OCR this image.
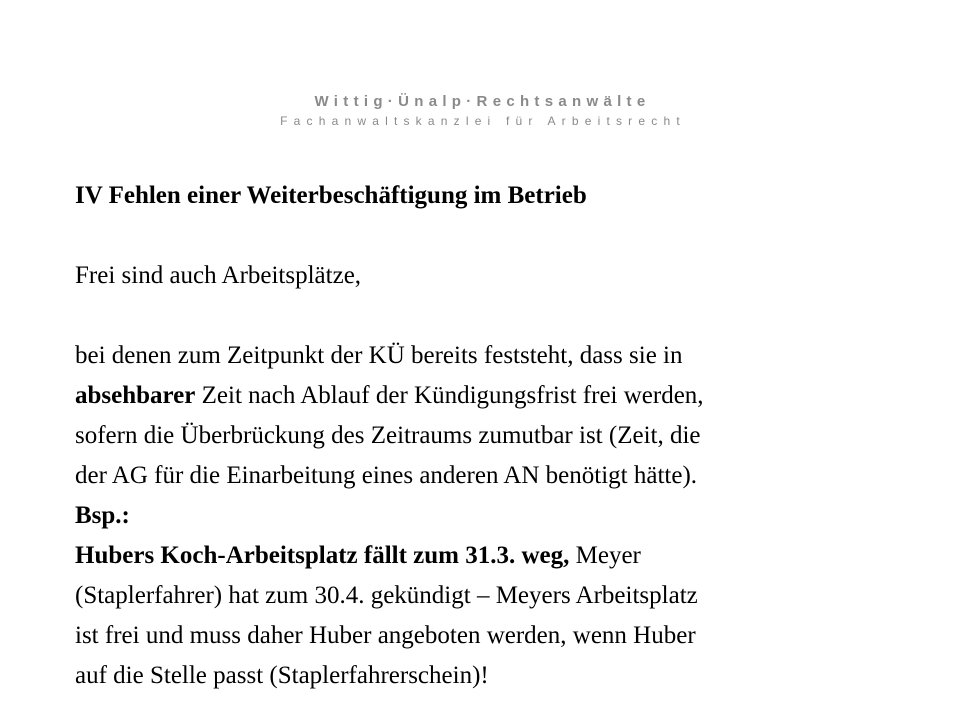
Wittig·Ünalp·Rechtsanwälte
Fachanwaltskanzlei für Arbeitsrecht
IV Fehlen einer Weiterbeschäftigung im Betrieb
Frei sind auch Arbeitsplätze,
bei denen zum Zeitpunkt der KÜ bereits feststeht, dass sie in
absehbarer Zeit nach Ablauf der Kündigungsfrist frei werden,
sofern die Überbrückung des Zeitraums zumutbar ist (Zeit, die
der AG für die Einarbeitung eines anderen AN benötigt hätte).
Bsp.:
Hubers Koch-Arbeitsplatz fällt zum 31.3. weg, Meyer
(Staplerfahrer) hat zum 30.4. gekündigt – Meyers Arbeitsplatz
ist frei und muss daher Huber angeboten werden, wenn Huber
auf die Stelle passt (Staplerfahrerschein)!
